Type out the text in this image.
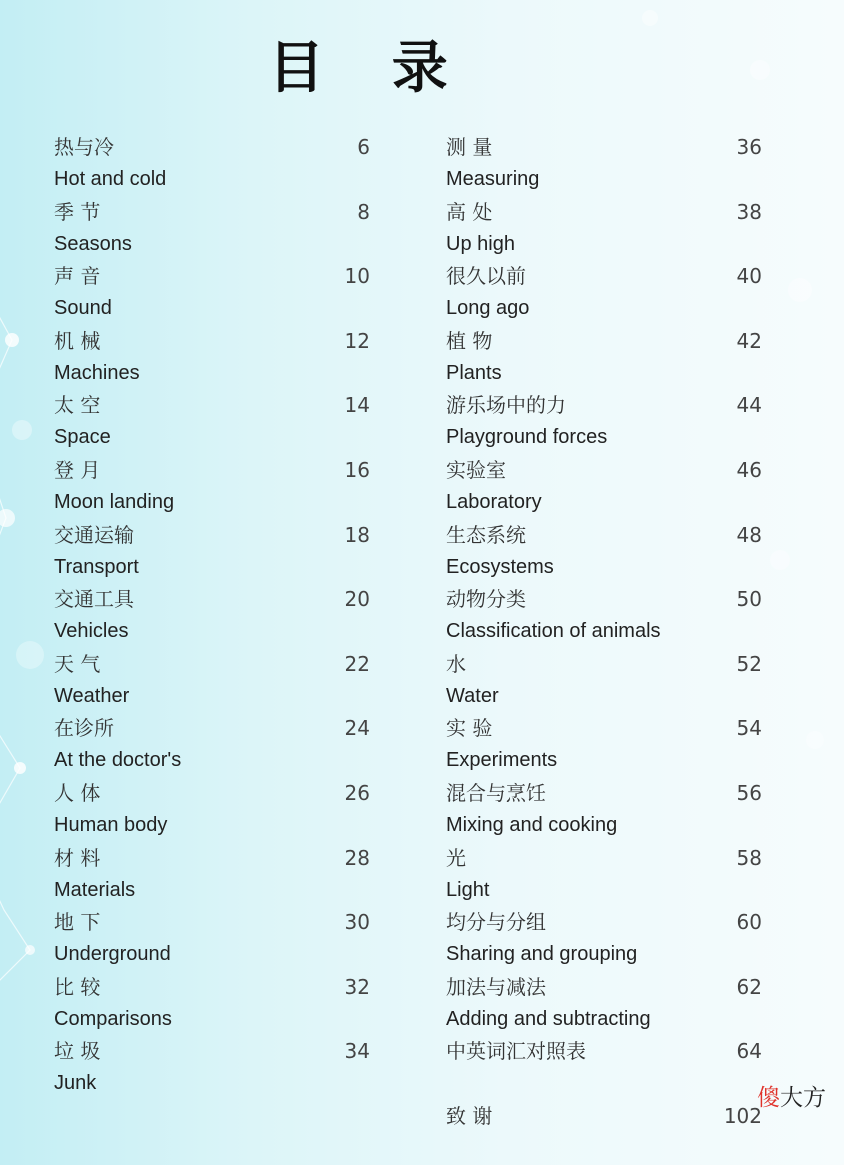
目 录
热与冷	6
Hot and cold
季 节	8
Seasons
声 音	10
Sound
机 械	12
Machines
太 空	14
Space
登 月	16
Moon landing
交通运输	18
Transport
交通工具	20
Vehicles
天 气	22
Weather
在诊所	24
At the doctor's
人 体	26
Human body
材 料	28
Materials
地 下	30
Underground
比 较	32
Comparisons
垃 圾	34
Junk
测 量	36
Measuring
高 处	38
Up high
很久以前	40
Long ago
植 物	42
Plants
游乐场中的力	44
Playground forces
实验室	46
Laboratory
生态系统	48
Ecosystems
动物分类	50
Classification of animals
水	52
Water
实 验	54
Experiments
混合与烹饪	56
Mixing and cooking
光	58
Light
均分与分组	60
Sharing and grouping
加法与减法	62
Adding and subtracting
中英词汇对照表	64
致 谢	102
傻大方
